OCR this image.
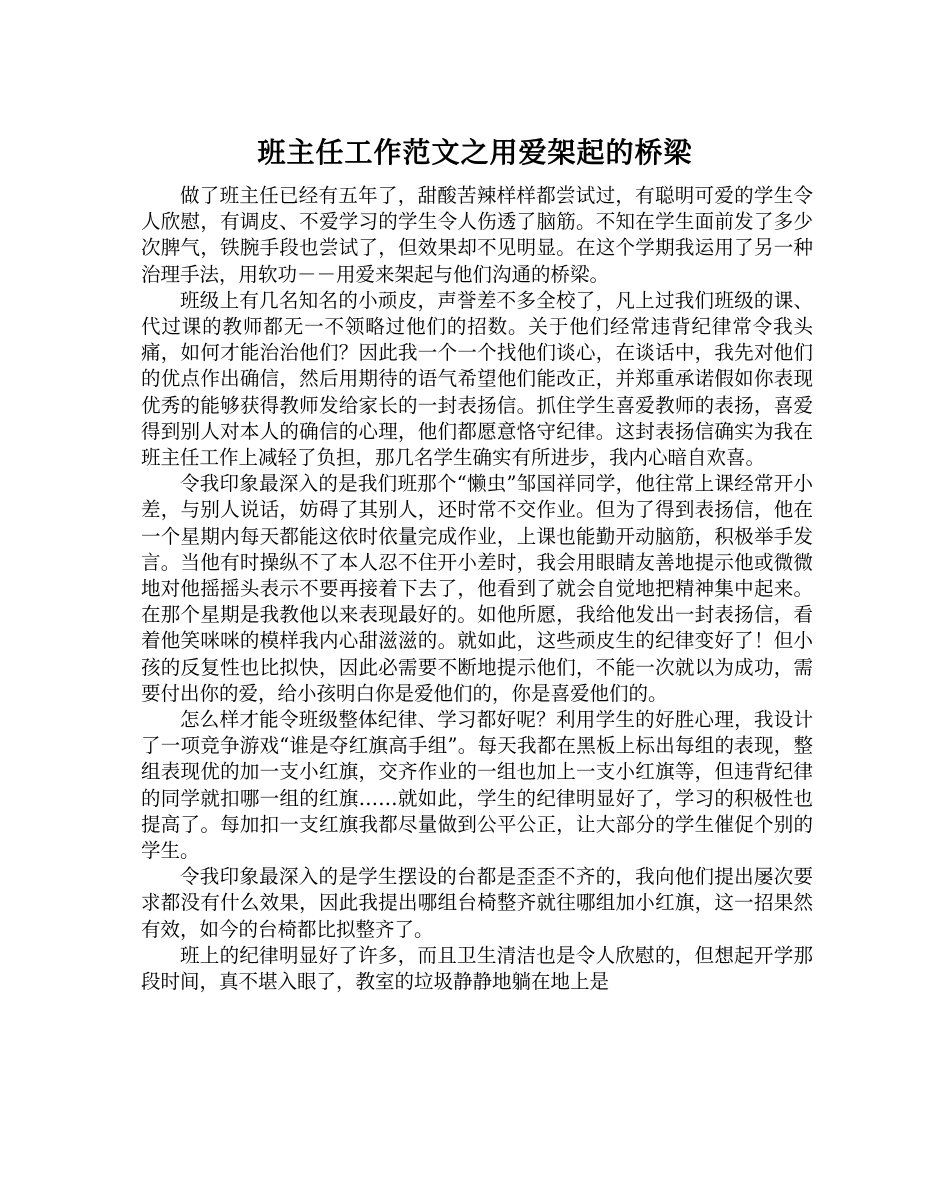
班主任工作范文之用爱架起的桥梁

做了班主任已经有五年了，甜酸苦辣样样都尝试过，有聪明可爱的学生令人欣慰，有调皮、不爱学习的学生令人伤透了脑筋。不知在学生面前发了多少次脾气，铁腕手段也尝试了，但效果却不见明显。在这个学期我运用了另一种治理手法，用软功－－用爱来架起与他们沟通的桥梁。

班级上有几名知名的小顽皮，声誉差不多全校了，凡上过我们班级的课、代过课的教师都无一不领略过他们的招数。关于他们经常违背纪律常令我头痛，如何才能治治他们？因此我一个一个找他们谈心，在谈话中，我先对他们的优点作出确信，然后用期待的语气希望他们能改正，并郑重承诺假如你表现优秀的能够获得教师发给家长的一封表扬信。抓住学生喜爱教师的表扬，喜爱得到别人对本人的确信的心理，他们都愿意恪守纪律。这封表扬信确实为我在班主任工作上减轻了负担，那几名学生确实有所进步，我内心暗自欢喜。

令我印象最深入的是我们班那个“懒虫”邹国祥同学，他往常上课经常开小差，与别人说话，妨碍了其别人，还时常不交作业。但为了得到表扬信，他在一个星期内每天都能这依时依量完成作业，上课也能勤开动脑筋，积极举手发言。当他有时操纵不了本人忍不住开小差时，我会用眼睛友善地提示他或微微地对他摇摇头表示不要再接着下去了，他看到了就会自觉地把精神集中起来。在那个星期是我教他以来表现最好的。如他所愿，我给他发出一封表扬信，看着他笑咪咪的模样我内心甜滋滋的。就如此，这些顽皮生的纪律变好了！但小孩的反复性也比拟快，因此必需要不断地提示他们，不能一次就以为成功，需要付出你的爱，给小孩明白你是爱他们的，你是喜爱他们的。

怎么样才能令班级整体纪律、学习都好呢？利用学生的好胜心理，我设计了一项竞争游戏“谁是夺红旗高手组”。每天我都在黑板上标出每组的表现，整组表现优的加一支小红旗，交齐作业的一组也加上一支小红旗等，但违背纪律的同学就扣哪一组的红旗……就如此，学生的纪律明显好了，学习的积极性也提高了。每加扣一支红旗我都尽量做到公平公正，让大部分的学生催促个别的学生。

令我印象最深入的是学生摆设的台都是歪歪不齐的，我向他们提出屡次要求都没有什么效果，因此我提出哪组台椅整齐就往哪组加小红旗，这一招果然有效，如今的台椅都比拟整齐了。

班上的纪律明显好了许多，而且卫生清洁也是令人欣慰的，但想起开学那段时间，真不堪入眼了，教室的垃圾静静地躺在地上是
